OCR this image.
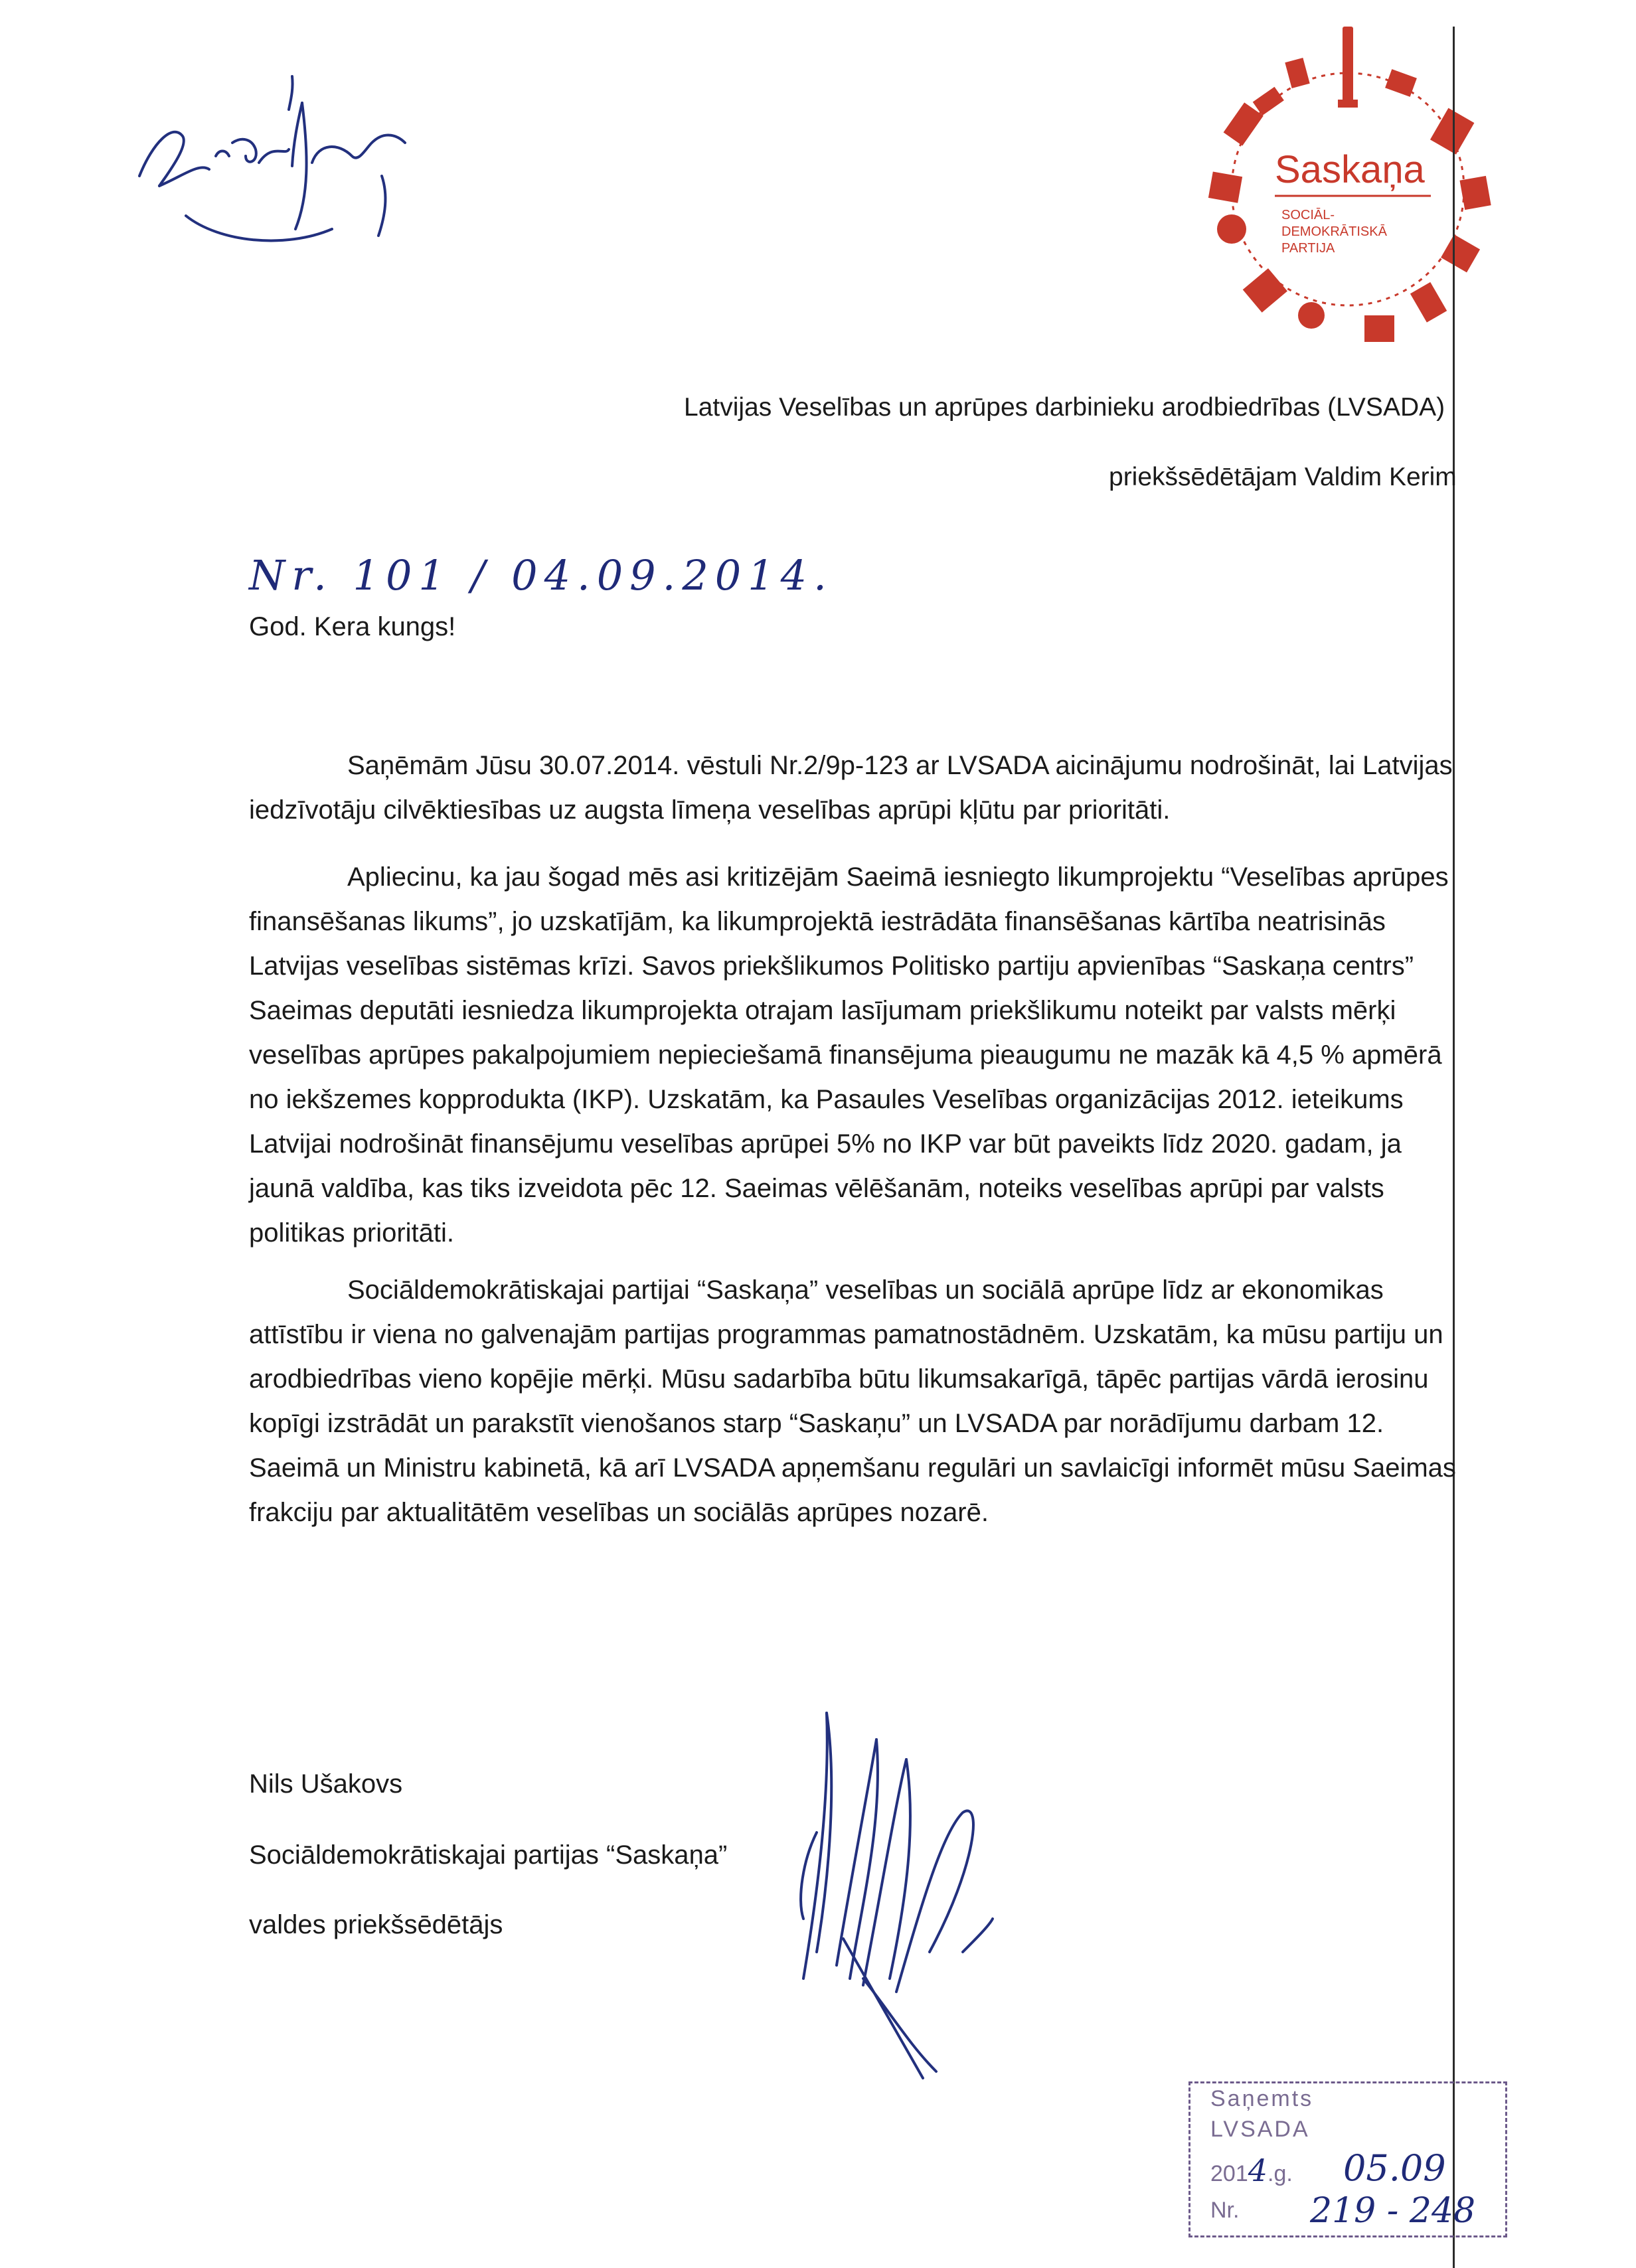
Saskaņa
SOCIĀL-
DEMOKRĀTISKĀ
PARTIJA
Latvijas Veselības un aprūpes darbinieku arodbiedrības (LVSADA)
priekšsēdētājam Valdim Kerim
Nr. 101 / 04.09.2014.
God. Kera kungs!

Saņēmām Jūsu 30.07.2014. vēstuli Nr.2/9p-123 ar LVSADA aicinājumu nodrošināt, lai Latvijas iedzīvotāju cilvēktiesības uz augsta līmeņa veselības aprūpi kļūtu par prioritāti.

Apliecinu, ka jau šogad mēs asi kritizējām Saeimā iesniegto likumprojektu “Veselības aprūpes finansēšanas likums”, jo uzskatījām, ka likumprojektā iestrādāta finansēšanas kārtība neatrisinās Latvijas veselības sistēmas krīzi. Savos priekšlikumos Politisko partiju apvienības “Saskaņa centrs” Saeimas deputāti iesniedza likumprojekta otrajam lasījumam priekšlikumu noteikt par valsts mērķi veselības aprūpes pakalpojumiem nepieciešamā finansējuma pieaugumu ne mazāk kā 4,5 % apmērā no iekšzemes kopprodukta (IKP). Uzskatām, ka Pasaules Veselības organizācijas 2012. ieteikums Latvijai nodrošināt finansējumu veselības aprūpei 5% no IKP var būt paveikts līdz 2020. gadam, ja jaunā valdība, kas tiks izveidota pēc 12. Saeimas vēlēšanām, noteiks veselības aprūpi par valsts politikas prioritāti.

Sociāldemokrātiskajai partijai “Saskaņa” veselības un sociālā aprūpe līdz ar ekonomikas attīstību ir viena no galvenajām partijas programmas pamatnostādnēm. Uzskatām, ka mūsu partiju un arodbiedrības vieno kopējie mērķi. Mūsu sadarbība būtu likumsakarīgā, tāpēc partijas vārdā ierosinu kopīgi izstrādāt un parakstīt vienošanos starp “Saskaņu” un LVSADA par norādījumu darbam 12. Saeimā un Ministru kabinetā, kā arī LVSADA apņemšanu regulāri un savlaicīgi informēt mūsu Saeimas frakciju par aktualitātēm veselības un sociālās aprūpes nozarē.

Nils Ušakovs
Sociāldemokrātiskajai partijas “Saskaņa”
valdes priekšsēdētājs
Saņemts
LVSADA
2014.g. 05.09
Nr. 219 - 248
